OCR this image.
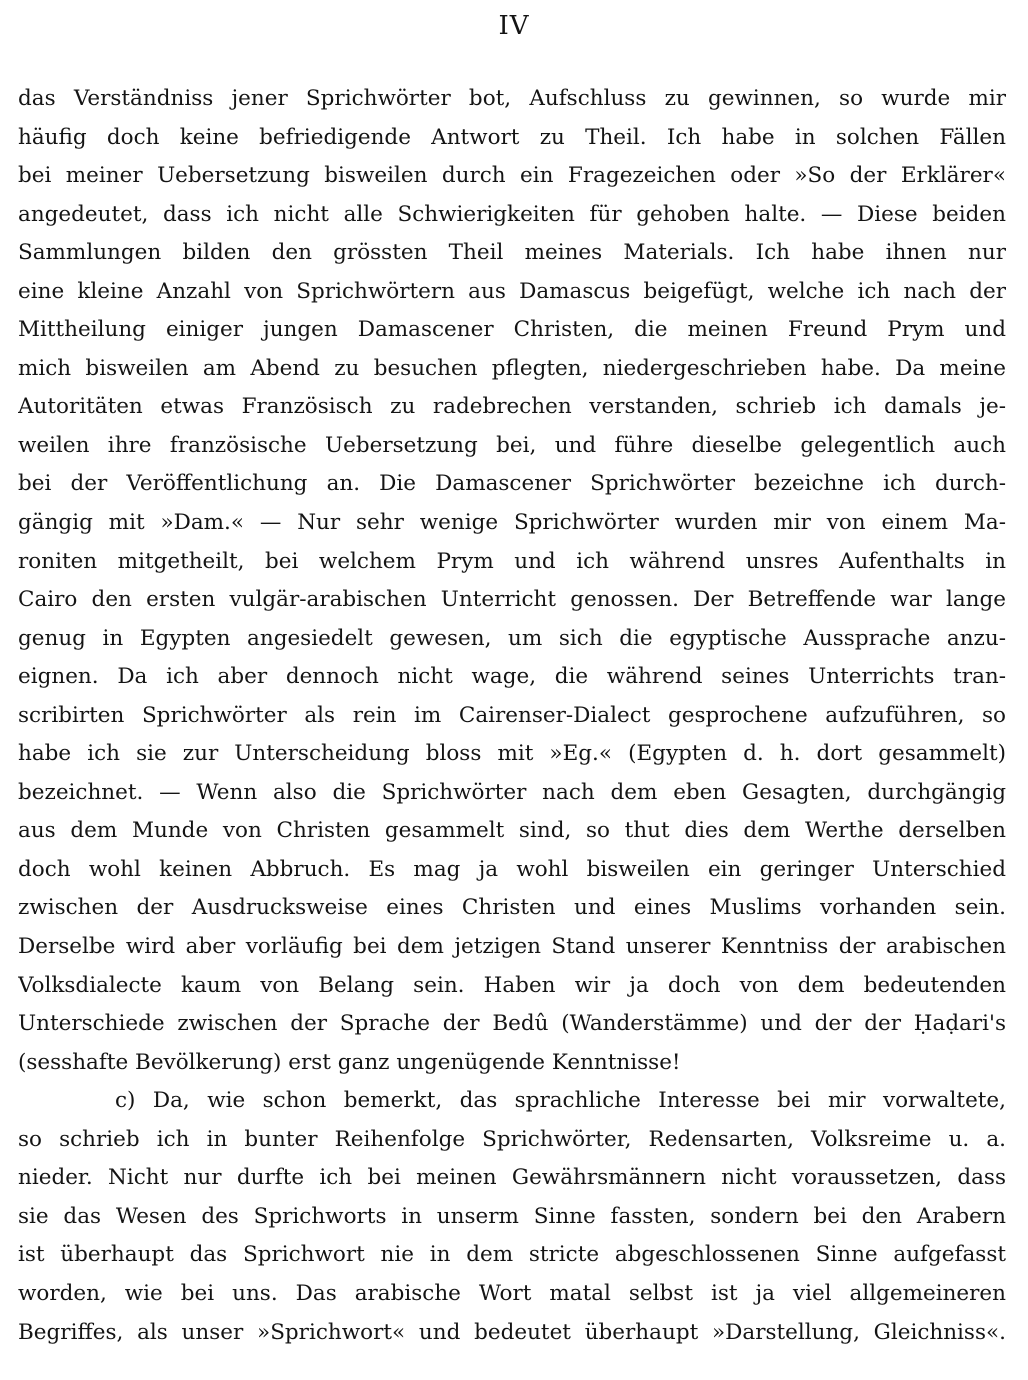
IV
das Verständniss jener Sprichwörter bot, Aufschluss zu gewinnen, so wurde mir
häufig doch keine befriedigende Antwort zu Theil. Ich habe in solchen Fällen
bei meiner Uebersetzung bisweilen durch ein Fragezeichen oder »So der Erklärer«
angedeutet, dass ich nicht alle Schwierigkeiten für gehoben halte. — Diese beiden
Sammlungen bilden den grössten Theil meines Materials. Ich habe ihnen nur
eine kleine Anzahl von Sprichwörtern aus Damascus beigefügt, welche ich nach der
Mittheilung einiger jungen Damascener Christen, die meinen Freund Prym und
mich bisweilen am Abend zu besuchen pflegten, niedergeschrieben habe. Da meine
Autoritäten etwas Französisch zu radebrechen verstanden, schrieb ich damals je-
weilen ihre französische Uebersetzung bei, und führe dieselbe gelegentlich auch
bei der Veröffentlichung an. Die Damascener Sprichwörter bezeichne ich durch-
gängig mit »Dam.« — Nur sehr wenige Sprichwörter wurden mir von einem Ma-
roniten mitgetheilt, bei welchem Prym und ich während unsres Aufenthalts in
Cairo den ersten vulgär-arabischen Unterricht genossen. Der Betreffende war lange
genug in Egypten angesiedelt gewesen, um sich die egyptische Aussprache anzu-
eignen. Da ich aber dennoch nicht wage, die während seines Unterrichts tran-
scribirten Sprichwörter als rein im Cairenser-Dialect gesprochene aufzuführen, so
habe ich sie zur Unterscheidung bloss mit »Eg.« (Egypten d. h. dort gesammelt)
bezeichnet. — Wenn also die Sprichwörter nach dem eben Gesagten, durchgängig
aus dem Munde von Christen gesammelt sind, so thut dies dem Werthe derselben
doch wohl keinen Abbruch. Es mag ja wohl bisweilen ein geringer Unterschied
zwischen der Ausdrucksweise eines Christen und eines Muslims vorhanden sein.
Derselbe wird aber vorläufig bei dem jetzigen Stand unserer Kenntniss der arabischen
Volksdialecte kaum von Belang sein. Haben wir ja doch von dem bedeutenden
Unterschiede zwischen der Sprache der Bedû (Wanderstämme) und der der Ḥaḍari's
(sesshafte Bevölkerung) erst ganz ungenügende Kenntnisse!
c) Da, wie schon bemerkt, das sprachliche Interesse bei mir vorwaltete,
so schrieb ich in bunter Reihenfolge Sprichwörter, Redensarten, Volksreime u. a.
nieder. Nicht nur durfte ich bei meinen Gewährsmännern nicht voraussetzen, dass
sie das Wesen des Sprichworts in unserm Sinne fassten, sondern bei den Arabern
ist überhaupt das Sprichwort nie in dem stricte abgeschlossenen Sinne aufgefasst
worden, wie bei uns. Das arabische Wort matal selbst ist ja viel allgemeineren
Begriffes, als unser »Sprichwort« und bedeutet überhaupt »Darstellung, Gleichniss«.
